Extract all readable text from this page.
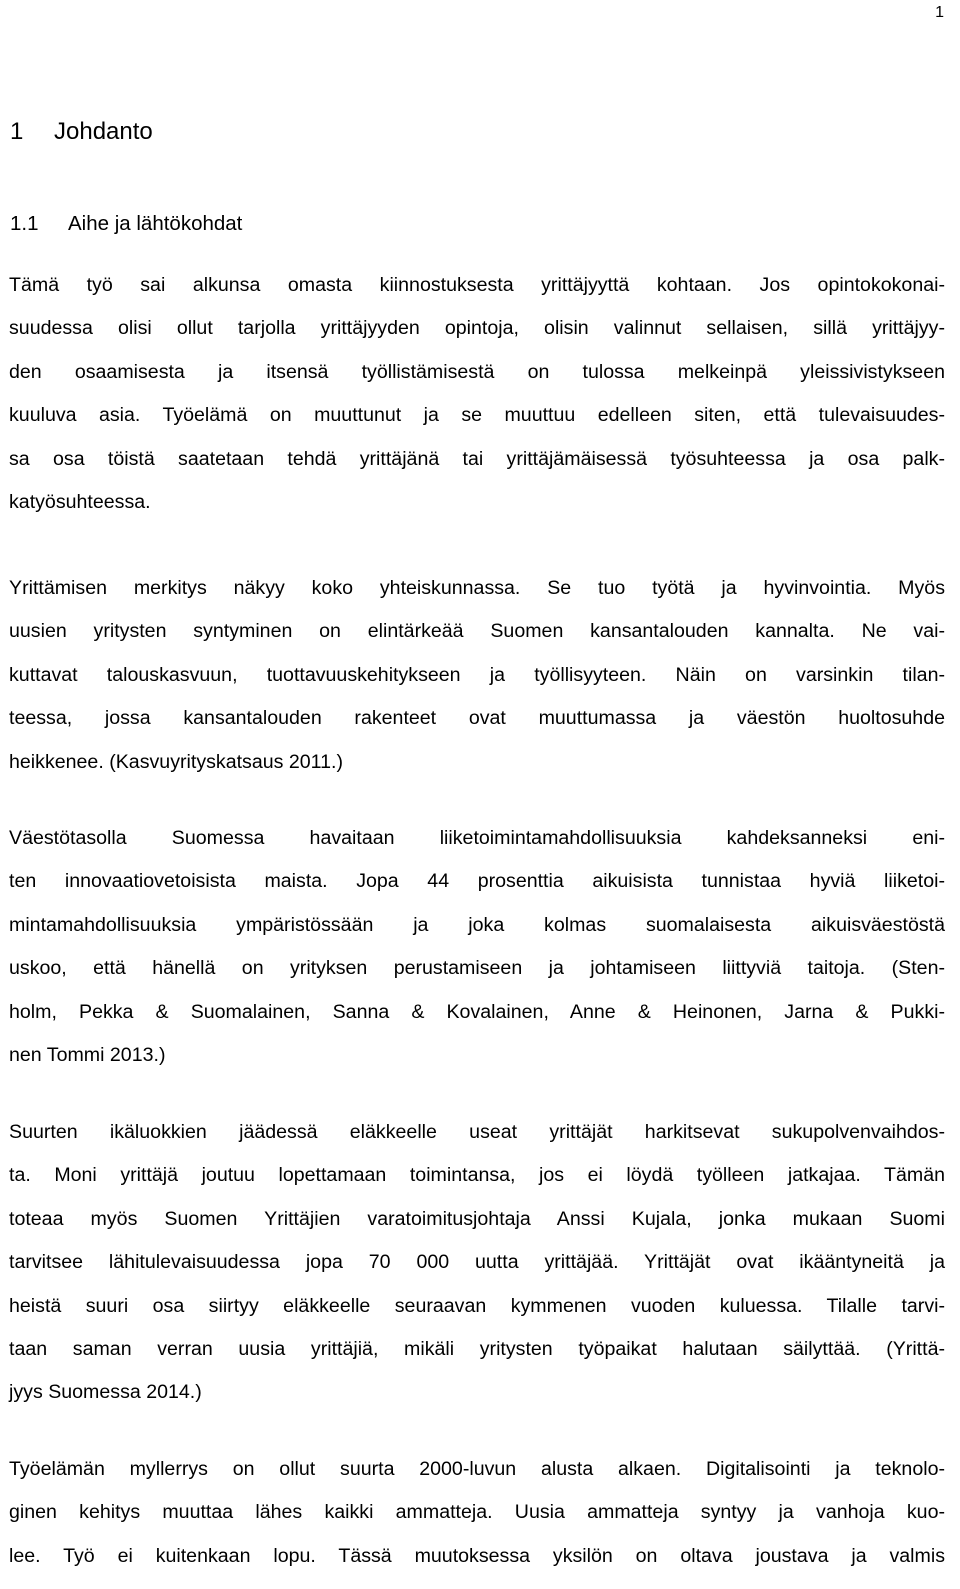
1
1 Johdanto
1.1 Aihe ja lähtökohdat
Tämä työ sai alkunsa omasta kiinnostuksesta yrittäjyyttä kohtaan. Jos opintokokonai-
suudessa olisi ollut tarjolla yrittäjyyden opintoja, olisin valinnut sellaisen, sillä yrittäjyy-
den osaamisesta ja itsensä työllistämisestä on tulossa melkeinpä yleissivistykseen
kuuluva asia. Työelämä on muuttunut ja se muuttuu edelleen siten, että tulevaisuudes-
sa osa töistä saatetaan tehdä yrittäjänä tai yrittäjämäisessä työsuhteessa ja osa palk-
katyösuhteessa.
Yrittämisen merkitys näkyy koko yhteiskunnassa. Se tuo työtä ja hyvinvointia. Myös
uusien yritysten syntyminen on elintärkeää Suomen kansantalouden kannalta. Ne vai-
kuttavat talouskasvuun, tuottavuuskehitykseen ja työllisyyteen. Näin on varsinkin tilan-
teessa, jossa kansantalouden rakenteet ovat muuttumassa ja väestön huoltosuhde
heikkenee. (Kasvuyrityskatsaus 2011.)
Väestötasolla Suomessa havaitaan liiketoimintamahdollisuuksia kahdeksanneksi eni-
ten innovaatiovetoisista maista. Jopa 44 prosenttia aikuisista tunnistaa hyviä liiketoi-
mintamahdollisuuksia ympäristössään ja joka kolmas suomalaisesta aikuisväestöstä
uskoo, että hänellä on yrityksen perustamiseen ja johtamiseen liittyviä taitoja. (Sten-
holm, Pekka & Suomalainen, Sanna & Kovalainen, Anne & Heinonen, Jarna & Pukki-
nen Tommi 2013.)
Suurten ikäluokkien jäädessä eläkkeelle useat yrittäjät harkitsevat sukupolvenvaihdos-
ta. Moni yrittäjä joutuu lopettamaan toimintansa, jos ei löydä työlleen jatkajaa. Tämän
toteaa myös Suomen Yrittäjien varatoimitusjohtaja Anssi Kujala, jonka mukaan Suomi
tarvitsee lähitulevaisuudessa jopa 70 000 uutta yrittäjää. Yrittäjät ovat ikääntyneitä ja
heistä suuri osa siirtyy eläkkeelle seuraavan kymmenen vuoden kuluessa. Tilalle tarvi-
taan saman verran uusia yrittäjiä, mikäli yritysten työpaikat halutaan säilyttää. (Yrittä-
jyys Suomessa 2014.)
Työelämän myllerrys on ollut suurta 2000-luvun alusta alkaen. Digitalisointi ja teknolo-
ginen kehitys muuttaa lähes kaikki ammatteja. Uusia ammatteja syntyy ja vanhoja kuo-
lee. Työ ei kuitenkaan lopu. Tässä muutoksessa yksilön on oltava joustava ja valmis
